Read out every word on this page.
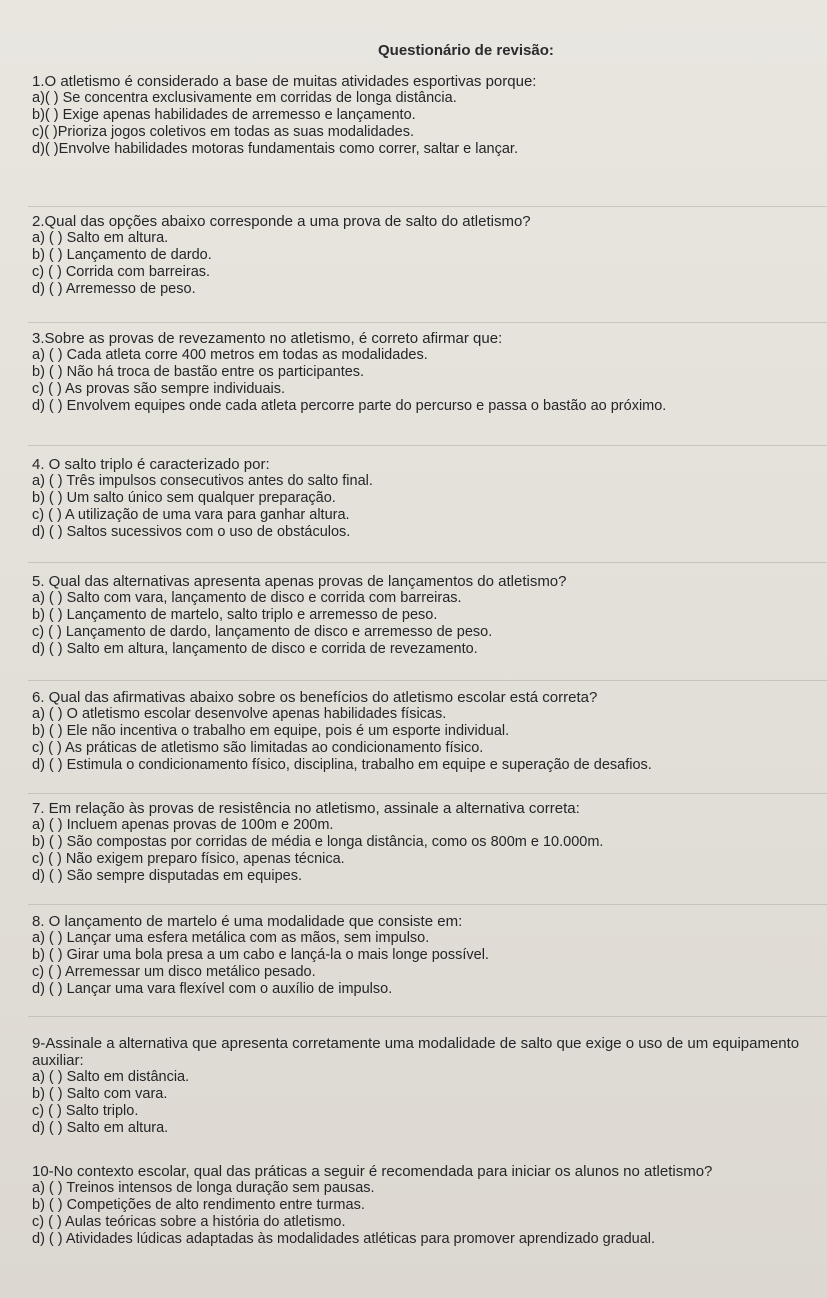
Questionário de revisão:

1.O atletismo é considerado a base de muitas atividades esportivas porque:

a)( ) Se concentra exclusivamente em corridas de longa distância.

b)( ) Exige apenas habilidades de arremesso e lançamento.

c)( )Prioriza jogos coletivos em todas as suas modalidades.

d)( )Envolve habilidades motoras fundamentais como correr, saltar e lançar.

2.Qual das opções abaixo corresponde a uma prova de salto do atletismo?

a) ( ) Salto em altura.

b) ( ) Lançamento de dardo.

c) ( ) Corrida com barreiras.

d) ( ) Arremesso de peso.

3.Sobre as provas de revezamento no atletismo, é correto afirmar que:

a) ( ) Cada atleta corre 400 metros em todas as modalidades.

b) ( ) Não há troca de bastão entre os participantes.

c) ( ) As provas são sempre individuais.

d) ( ) Envolvem equipes onde cada atleta percorre parte do percurso e passa o bastão ao próximo.

4. O salto triplo é caracterizado por:

a) ( ) Três impulsos consecutivos antes do salto final.

b) ( ) Um salto único sem qualquer preparação.

c) ( ) A utilização de uma vara para ganhar altura.

d) ( ) Saltos sucessivos com o uso de obstáculos.

5. Qual das alternativas apresenta apenas provas de lançamentos do atletismo?

a) ( ) Salto com vara, lançamento de disco e corrida com barreiras.

b) ( ) Lançamento de martelo, salto triplo e arremesso de peso.

c) ( ) Lançamento de dardo, lançamento de disco e arremesso de peso.

d) ( ) Salto em altura, lançamento de disco e corrida de revezamento.

6. Qual das afirmativas abaixo sobre os benefícios do atletismo escolar está correta?

a) ( ) O atletismo escolar desenvolve apenas habilidades físicas.

b) ( ) Ele não incentiva o trabalho em equipe, pois é um esporte individual.

c) ( ) As práticas de atletismo são limitadas ao condicionamento físico.

d) ( ) Estimula o condicionamento físico, disciplina, trabalho em equipe e superação de desafios.

7. Em relação às provas de resistência no atletismo, assinale a alternativa correta:

a) ( ) Incluem apenas provas de 100m e 200m.

b) ( ) São compostas por corridas de média e longa distância, como os 800m e 10.000m.

c) ( ) Não exigem preparo físico, apenas técnica.

d) ( ) São sempre disputadas em equipes.

8. O lançamento de martelo é uma modalidade que consiste em:

a) ( ) Lançar uma esfera metálica com as mãos, sem impulso.

b) ( ) Girar uma bola presa a um cabo e lançá-la o mais longe possível.

c) ( ) Arremessar um disco metálico pesado.

d) ( ) Lançar uma vara flexível com o auxílio de impulso.

9-Assinale a alternativa que apresenta corretamente uma modalidade de salto que exige o uso de um equipamento auxiliar:

a) ( ) Salto em distância.

b) ( ) Salto com vara.

c) ( ) Salto triplo.

d) ( ) Salto em altura.

10-No contexto escolar, qual das práticas a seguir é recomendada para iniciar os alunos no atletismo?

a) ( ) Treinos intensos de longa duração sem pausas.

b) ( ) Competições de alto rendimento entre turmas.

c) ( ) Aulas teóricas sobre a história do atletismo.

d) ( ) Atividades lúdicas adaptadas às modalidades atléticas para promover aprendizado gradual.
